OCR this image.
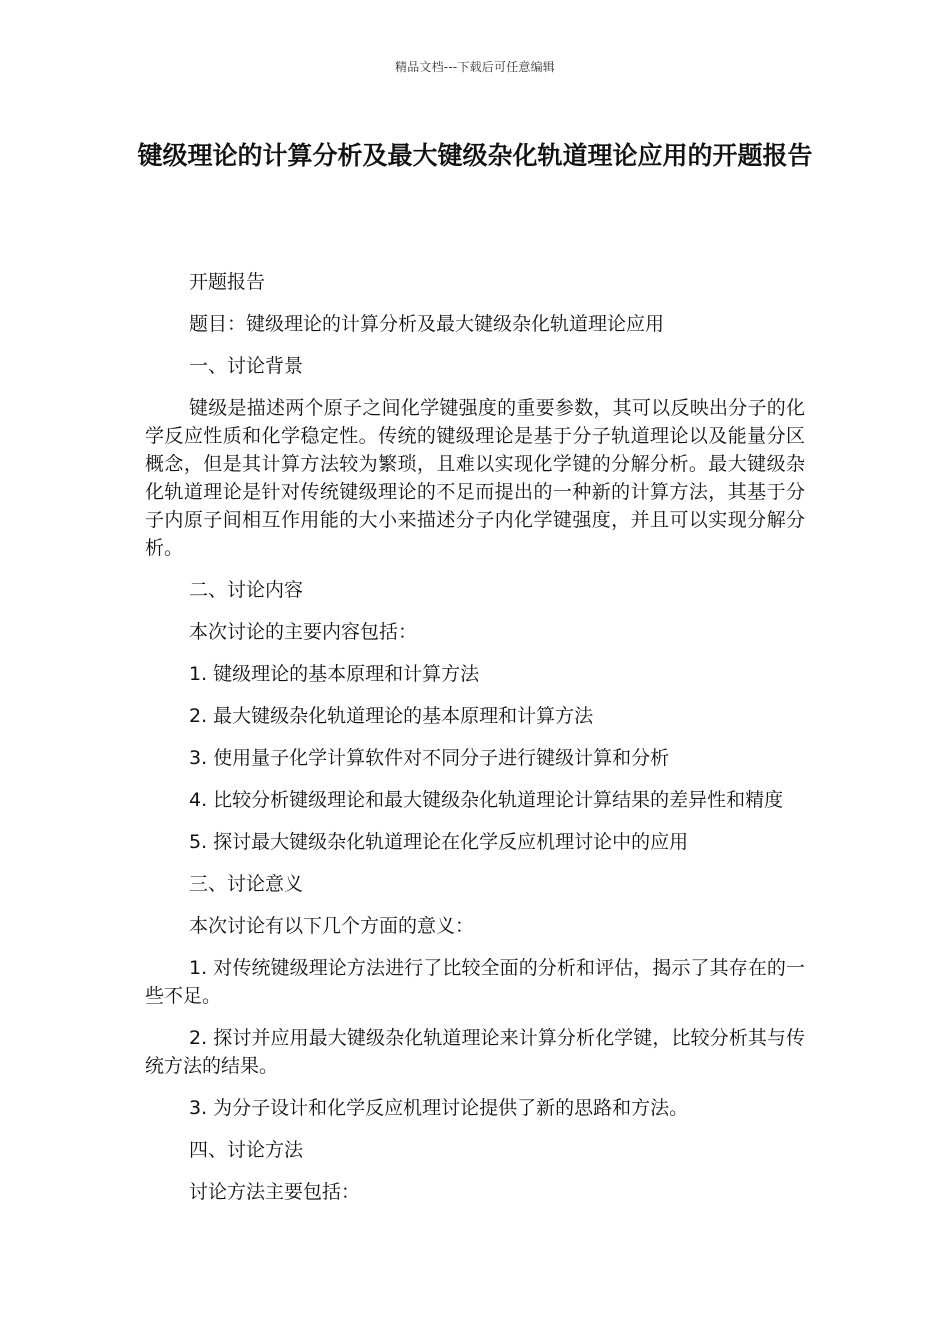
精品文档---下载后可任意编辑
键级理论的计算分析及最大键级杂化轨道理论应用的开题报告

开题报告

题目：键级理论的计算分析及最大键级杂化轨道理论应用

一、讨论背景

键级是描述两个原子之间化学键强度的重要参数，其可以反映出分子的化学反应性质和化学稳定性。传统的键级理论是基于分子轨道理论以及能量分区概念，但是其计算方法较为繁琐，且难以实现化学键的分解分析。最大键级杂化轨道理论是针对传统键级理论的不足而提出的一种新的计算方法，其基于分子内原子间相互作用能的大小来描述分子内化学键强度，并且可以实现分解分析。

二、讨论内容

本次讨论的主要内容包括：

1. 键级理论的基本原理和计算方法

2. 最大键级杂化轨道理论的基本原理和计算方法

3. 使用量子化学计算软件对不同分子进行键级计算和分析

4. 比较分析键级理论和最大键级杂化轨道理论计算结果的差异性和精度

5. 探讨最大键级杂化轨道理论在化学反应机理讨论中的应用

三、讨论意义

本次讨论有以下几个方面的意义：

1. 对传统键级理论方法进行了比较全面的分析和评估，揭示了其存在的一些不足。

2. 探讨并应用最大键级杂化轨道理论来计算分析化学键，比较分析其与传统方法的结果。

3. 为分子设计和化学反应机理讨论提供了新的思路和方法。

四、讨论方法

讨论方法主要包括：
